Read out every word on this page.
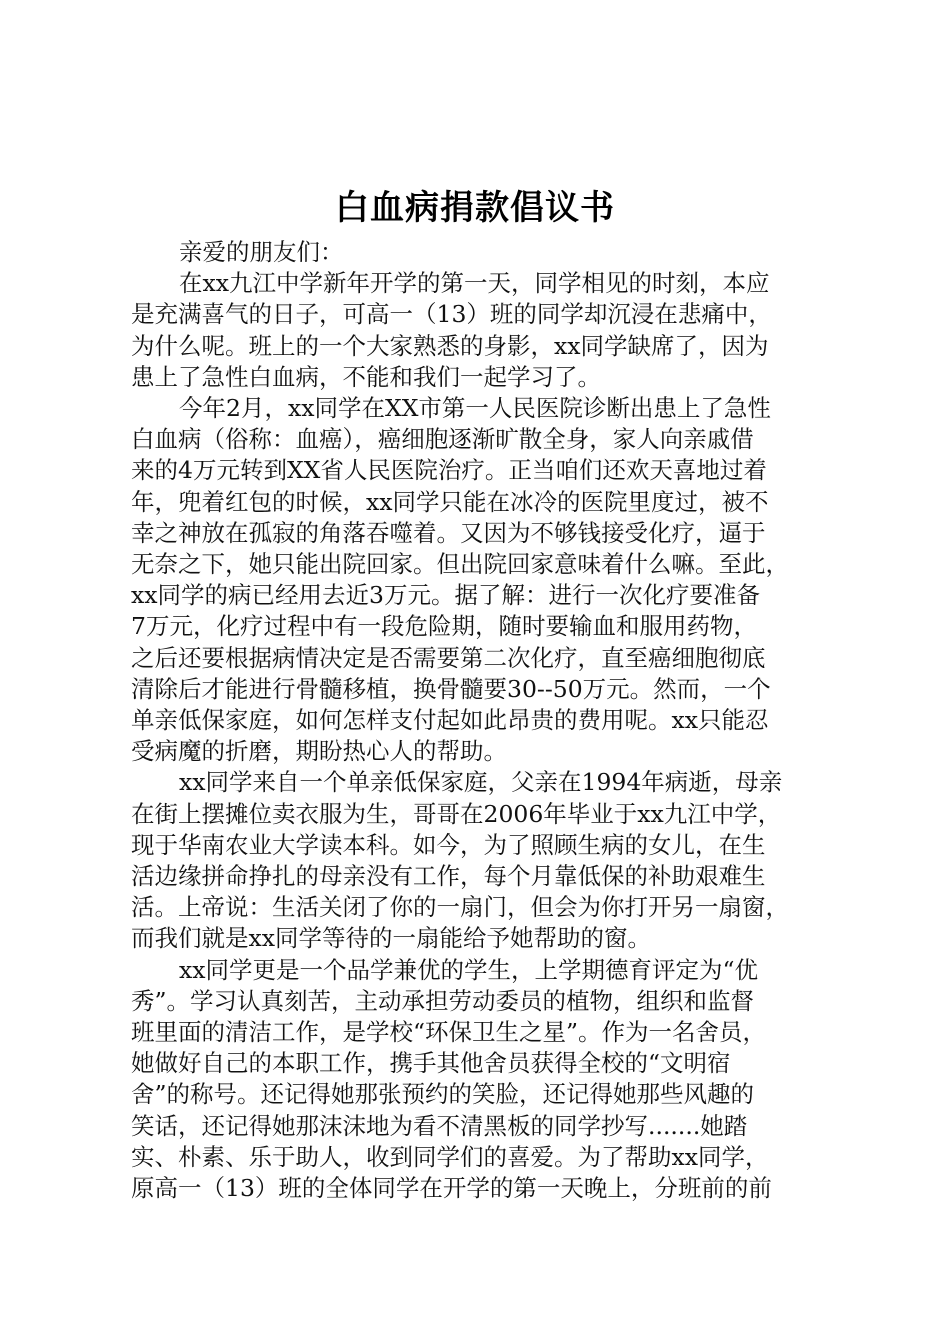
白血病捐款倡议书
亲爱的朋友们：
在xx九江中学新年开学的第一天，同学相见的时刻，本应
是充满喜气的日子，可高一（13）班的同学却沉浸在悲痛中，
为什么呢。班上的一个大家熟悉的身影，xx同学缺席了，因为
患上了急性白血病，不能和我们一起学习了。
今年2月，xx同学在XX市第一人民医院诊断出患上了急性
白血病（俗称：血癌），癌细胞逐渐旷散全身，家人向亲戚借
来的4万元转到XX省人民医院治疗。正当咱们还欢天喜地过着
年，兜着红包的时候，xx同学只能在冰冷的医院里度过，被不
幸之神放在孤寂的角落吞噬着。又因为不够钱接受化疗，逼于
无奈之下，她只能出院回家。但出院回家意味着什么嘛。至此，
xx同学的病已经用去近3万元。据了解：进行一次化疗要准备
7万元，化疗过程中有一段危险期，随时要输血和服用药物，
之后还要根据病情决定是否需要第二次化疗，直至癌细胞彻底
清除后才能进行骨髓移植，换骨髓要30--50万元。然而，一个
单亲低保家庭，如何怎样支付起如此昂贵的费用呢。xx只能忍
受病魔的折磨，期盼热心人的帮助。
xx同学来自一个单亲低保家庭，父亲在1994年病逝，母亲
在街上摆摊位卖衣服为生，哥哥在2006年毕业于xx九江中学，
现于华南农业大学读本科。如今，为了照顾生病的女儿，在生
活边缘拼命挣扎的母亲没有工作，每个月靠低保的补助艰难生
活。上帝说：生活关闭了你的一扇门，但会为你打开另一扇窗，
而我们就是xx同学等待的一扇能给予她帮助的窗。
xx同学更是一个品学兼优的学生，上学期德育评定为“优
秀”。学习认真刻苦，主动承担劳动委员的植物，组织和监督
班里面的清洁工作，是学校“环保卫生之星”。作为一名舍员，
她做好自己的本职工作，携手其他舍员获得全校的“文明宿
舍”的称号。还记得她那张预约的笑脸，还记得她那些风趣的
笑话，还记得她那沫沫地为看不清黑板的同学抄写.......她踏
实、朴素、乐于助人，收到同学们的喜爱。为了帮助xx同学，
原高一（13）班的全体同学在开学的第一天晚上，分班前的前
